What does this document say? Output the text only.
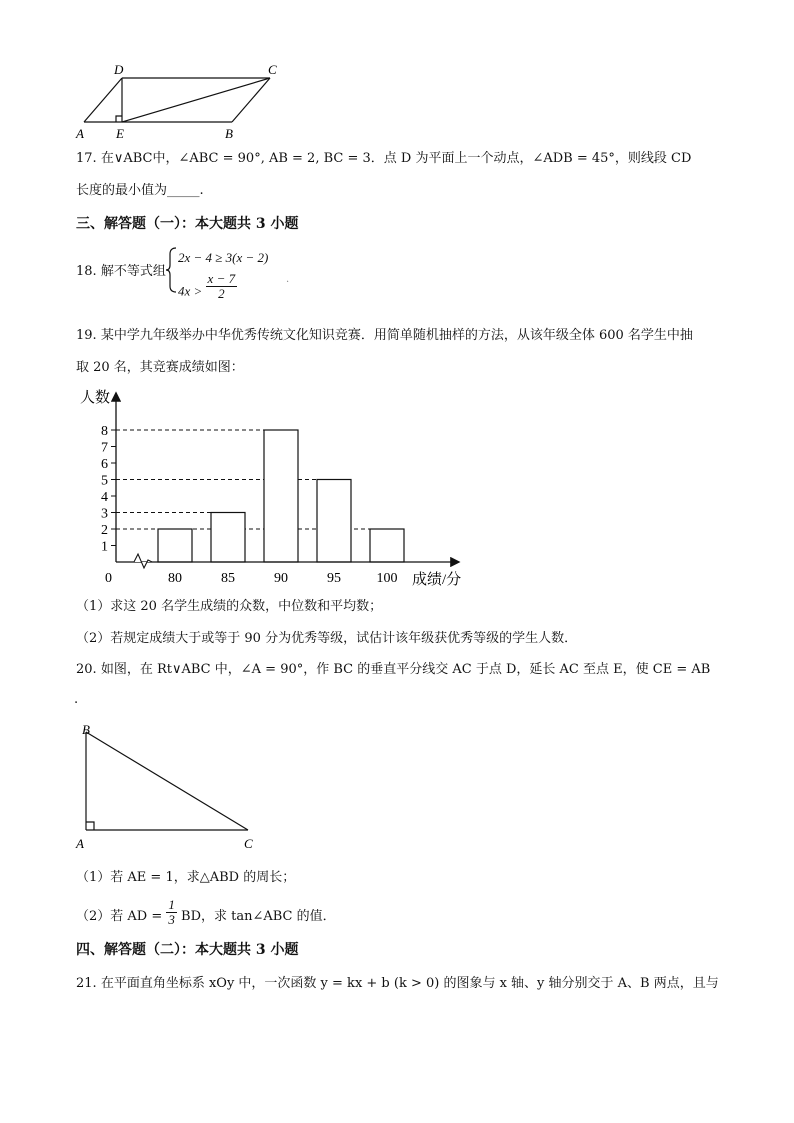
D	C
A E	B
17. 在∨ABC中，∠ABC = 90°, AB = 2, BC = 3．点 D 为平面上一个动点，∠ADB = 45°，则线段 CD
长度的最小值为_____.
三、解答题（一）：本大题共 3 小题
18. 解不等式组
2x − 4 ≥ 3(x − 2)
$4x > \frac{x - 7}{2}$	.
19. 某中学九年级举办中华优秀传统文化知识竞赛．用简单随机抽样的方法，从该年级全体 600 名学生中抽
取 20 名，其竞赛成绩如图：
人数
成绩/分
0
1
2
3
4
5
6
7
8
80	85	90	95	100
（1）求这 20 名学生成绩的众数，中位数和平均数；
（2）若规定成绩大于或等于 90 分为优秀等级，试估计该年级获优秀等级的学生人数．
20. 如图，在 Rt∨ABC 中，∠A = 90°，作 BC 的垂直平分线交 AC 于点 D，延长 AC 至点 E，使 CE = AB
.
B
A	C
（1）若 AE = 1，求△ABD 的周长；
（2）若 AD = $\frac{1}{3}$ BD，求 tan∠ABC 的值．
四、解答题（二）：本大题共 3 小题
21. 在平面直角坐标系 xOy 中，一次函数 y = kx + b (k > 0) 的图象与 x 轴、y 轴分别交于 A、B 两点，且与
